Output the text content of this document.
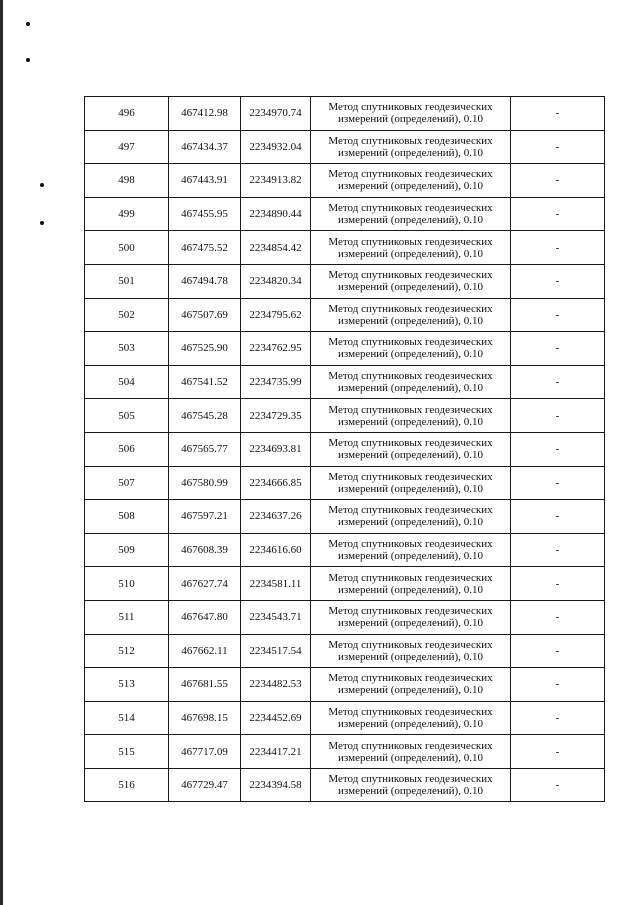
496	467412.98	2234970.74	Метод спутниковых геодезических
измерений (определений), 0.10	-
497	467434.37	2234932.04	Метод спутниковых геодезических
измерений (определений), 0.10	-
498	467443.91	2234913.82	Метод спутниковых геодезических
измерений (определений), 0.10	-
499	467455.95	2234890.44	Метод спутниковых геодезических
измерений (определений), 0.10	-
500	467475.52	2234854.42	Метод спутниковых геодезических
измерений (определений), 0.10	-
501	467494.78	2234820.34	Метод спутниковых геодезических
измерений (определений), 0.10	-
502	467507.69	2234795.62	Метод спутниковых геодезических
измерений (определений), 0.10	-
503	467525.90	2234762.95	Метод спутниковых геодезических
измерений (определений), 0.10	-
504	467541.52	2234735.99	Метод спутниковых геодезических
измерений (определений), 0.10	-
505	467545.28	2234729.35	Метод спутниковых геодезических
измерений (определений), 0.10	-
506	467565.77	2234693.81	Метод спутниковых геодезических
измерений (определений), 0.10	-
507	467580.99	2234666.85	Метод спутниковых геодезических
измерений (определений), 0.10	-
508	467597.21	2234637.26	Метод спутниковых геодезических
измерений (определений), 0.10	-
509	467608.39	2234616.60	Метод спутниковых геодезических
измерений (определений), 0.10	-
510	467627.74	2234581.11	Метод спутниковых геодезических
измерений (определений), 0.10	-
511	467647.80	2234543.71	Метод спутниковых геодезических
измерений (определений), 0.10	-
512	467662.11	2234517.54	Метод спутниковых геодезических
измерений (определений), 0.10	-
513	467681.55	2234482.53	Метод спутниковых геодезических
измерений (определений), 0.10	-
514	467698.15	2234452.69	Метод спутниковых геодезических
измерений (определений), 0.10	-
515	467717.09	2234417.21	Метод спутниковых геодезических
измерений (определений), 0.10	-
516	467729.47	2234394.58	Метод спутниковых геодезических
измерений (определений), 0.10	-
